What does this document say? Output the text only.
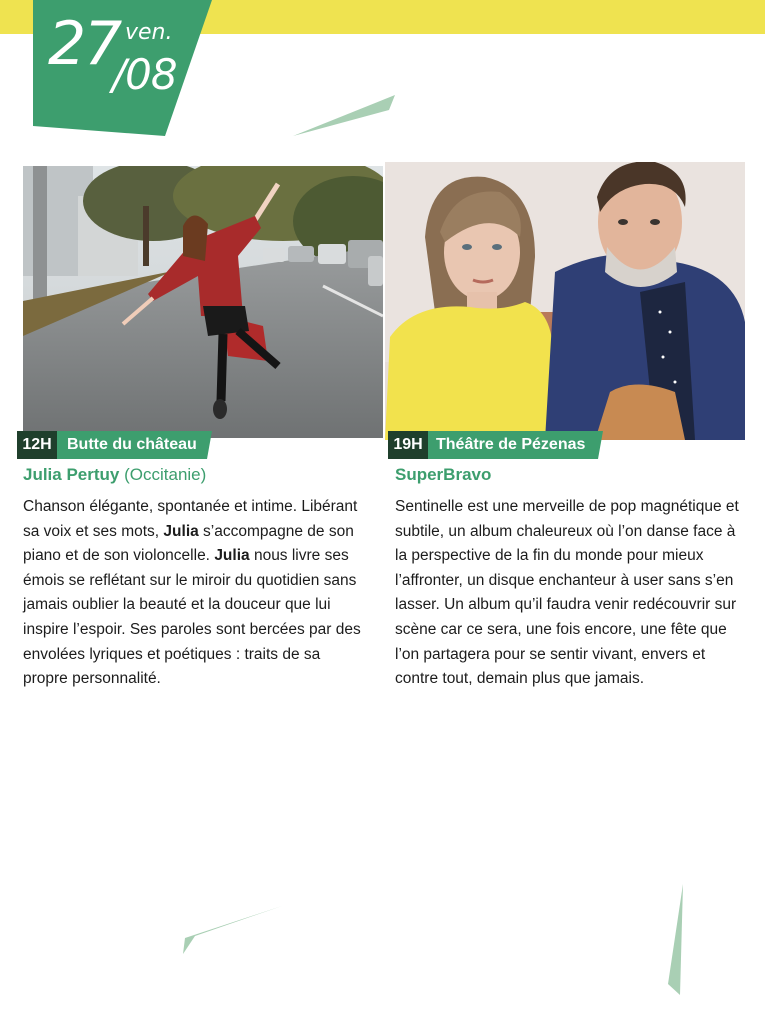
27 ven.
/08
12H Butte du château
Julia Pertuy (Occitanie)

Chanson élégante, spontanée et intime. Libérant sa voix et ses mots, Julia s’accompagne de son piano et de son violoncelle. Julia nous livre ses émois se reflétant sur le miroir du quotidien sans jamais oublier la beauté et la douceur que lui inspire l’espoir. Ses paroles sont bercées par des envolées lyriques et poétiques : traits de sa propre personnalité.

19H Théâtre de Pézenas
SuperBravo

Sentinelle est une merveille de pop magnétique et subtile, un album chaleureux où l’on danse face à la perspective de la fin du monde pour mieux l’affronter, un disque enchanteur à user sans s’en lasser. Un album qu’il faudra venir redécouvrir sur scène car ce sera, une fois encore, une fête que l’on partagera pour se sentir vivant, envers et contre tout, demain plus que jamais.
